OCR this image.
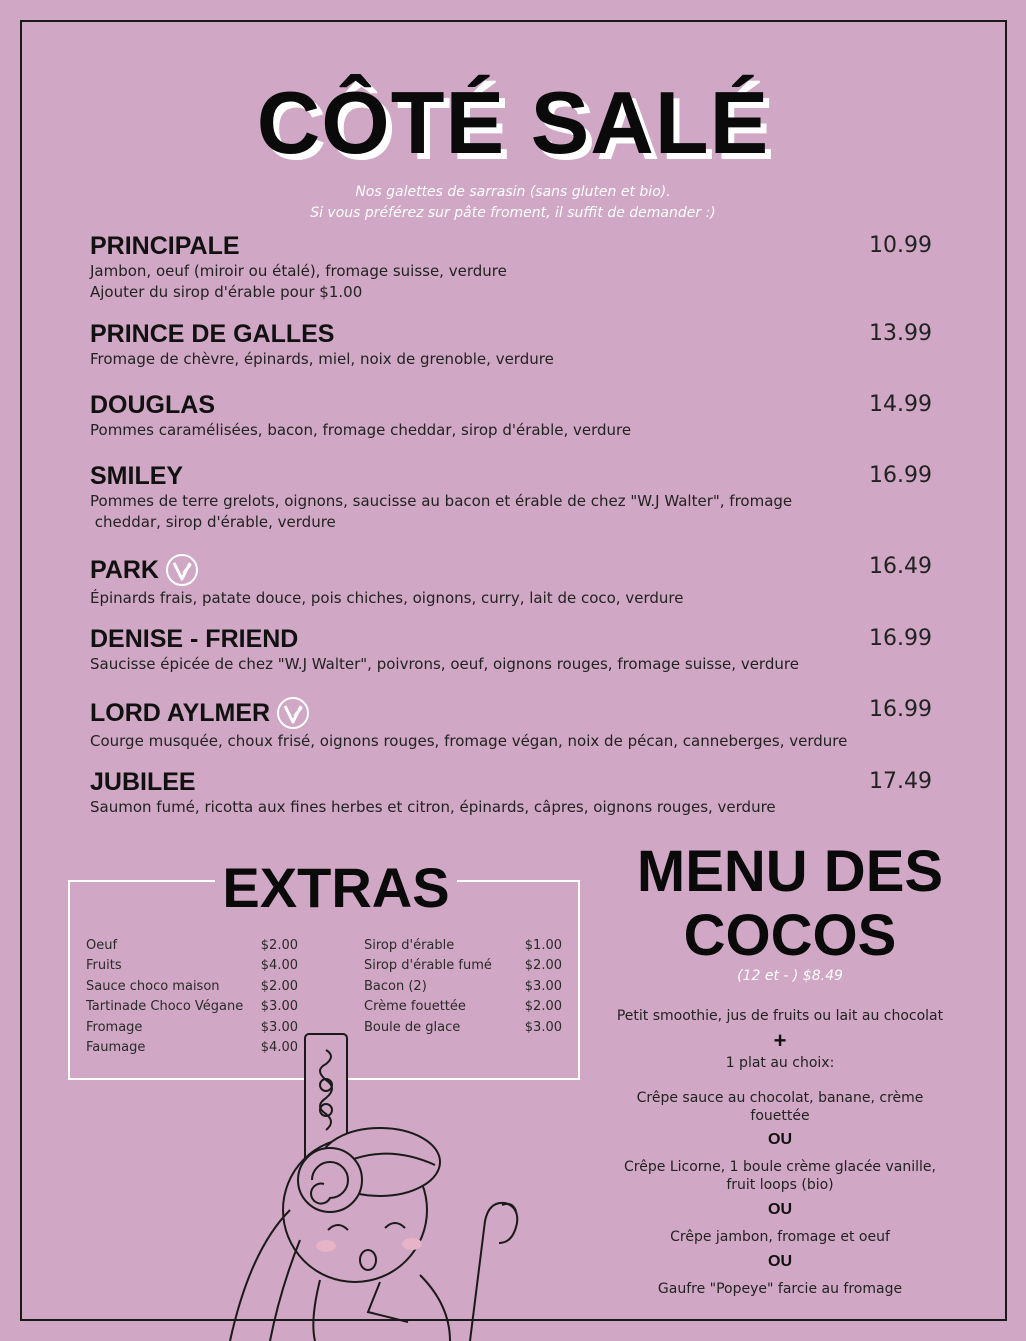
CÔTÉ SALÉ
Nos galettes de sarrasin (sans gluten et bio).
Si vous préférez sur pâte froment, il suffit de demander :)
PRINCIPALE	10.99
Jambon, oeuf (miroir ou étalé), fromage suisse, verdure
Ajouter du sirop d'érable pour $1.00
PRINCE DE GALLES	13.99
Fromage de chèvre, épinards, miel, noix de grenoble, verdure
DOUGLAS	14.99
Pommes caramélisées, bacon, fromage cheddar, sirop d'érable, verdure
SMILEY	16.99
Pommes de terre grelots, oignons, saucisse au bacon et érable de chez "W.J Walter", fromage
cheddar, sirop d'érable, verdure
PARK	16.49
Épinards frais, patate douce, pois chiches, oignons, curry, lait de coco, verdure
DENISE - FRIEND	16.99
Saucisse épicée de chez "W.J Walter", poivrons, oeuf, oignons rouges, fromage suisse, verdure
LORD AYLMER	16.99
Courge musquée, choux frisé, oignons rouges, fromage végan, noix de pécan, canneberges, verdure
JUBILEE	17.49
Saumon fumé, ricotta aux fines herbes et citron, épinards, câpres, oignons rouges, verdure
EXTRAS
Oeuf	$2.00
Fruits	$4.00
Sauce choco maison	$2.00
Tartinade Choco Végane $3.00
Fromage	$3.00
Faumage	$4.00
Sirop d'érable	$1.00
Sirop d'érable fumé	$2.00
Bacon (2)	$3.00
Crème fouettée	$2.00
Boule de glace	$3.00
MENU DES
COCOS
(12 et - ) $8.49
Petit smoothie, jus de fruits ou lait au chocolat
+
1 plat au choix:
Crêpe sauce au chocolat, banane, crème fouettée
OU
Crêpe Licorne, 1 boule crème glacée vanille, fruit loops (bio)
OU
Crêpe jambon, fromage et oeuf
OU
Gaufre "Popeye" farcie au fromage
